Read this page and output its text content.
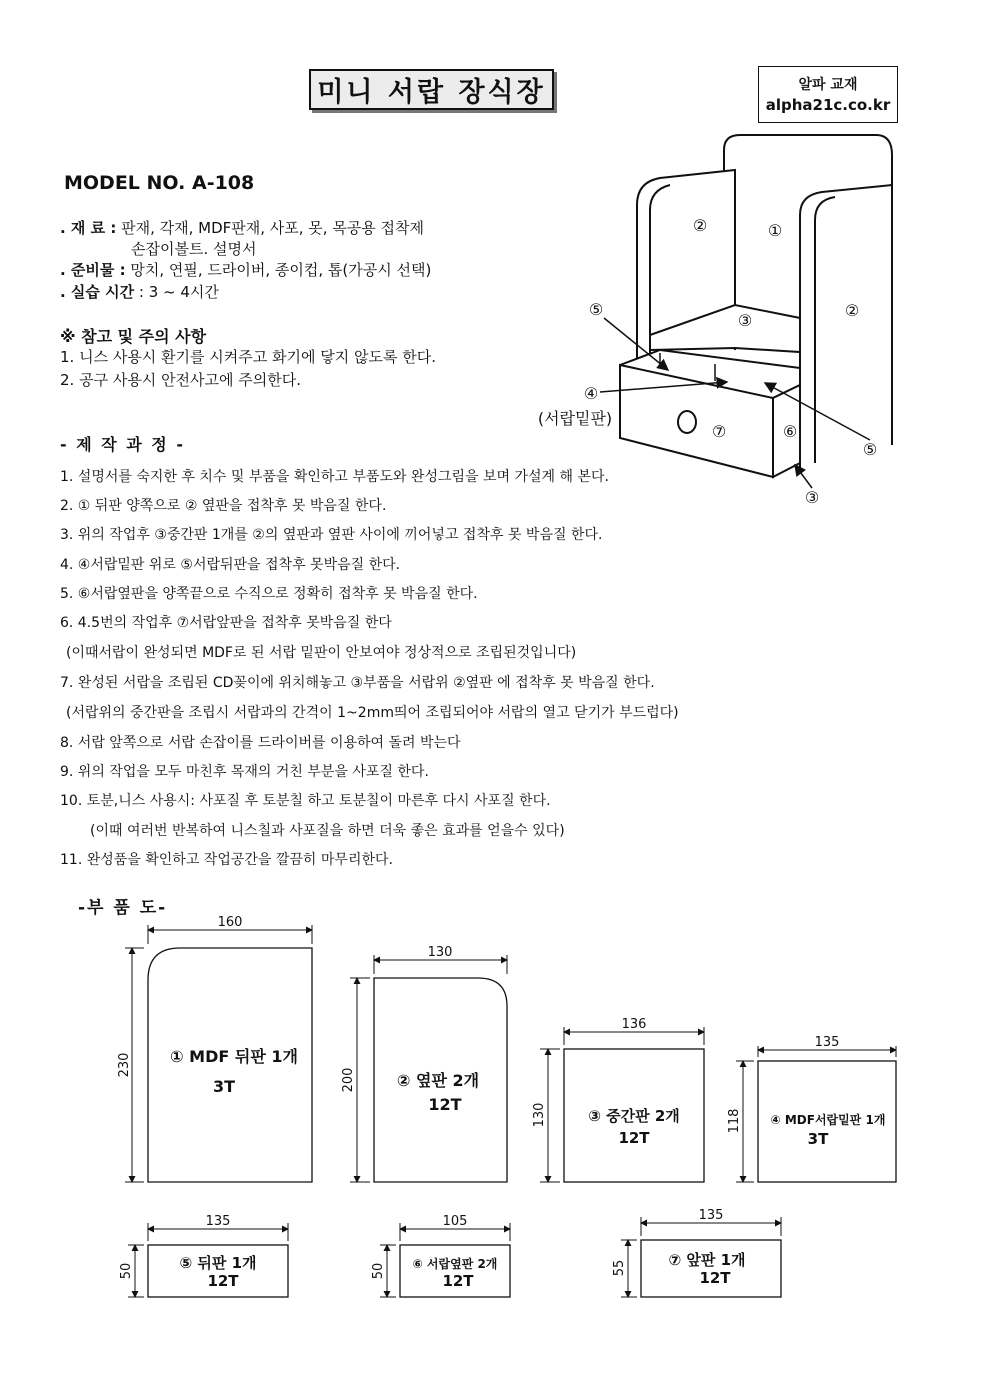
미니 서랍 장식장	알파 교재
alpha21c.co.kr
MODEL NO. A-108
. 재 료 : 판재, 각재, MDF판재, 사포, 못, 목공용 접착제
손잡이볼트. 설명서
. 준비물 : 망치, 연필, 드라이버, 종이컵, 톱(가공시 선택)
. 실습 시간 : 3 ~ 4시간
※ 참고 및 주의 사항
1. 니스 사용시 환기를 시켜주고 화기에 닿지 않도록 한다.
2. 공구 사용시 안전사고에 주의한다.
- 제 작 과 정 -
1. 설명서를 숙지한 후 치수 및 부품을 확인하고 부품도와 완성그림을 보며 가설계 해 본다.
2. ① 뒤판 양쪽으로 ② 옆판을 접착후 못 박음질 한다.
3. 위의 작업후 ③중간판 1개를 ②의 옆판과 옆판 사이에 끼어넣고 접착후 못 박음질 한다.
4. ④서랍밑판 위로 ⑤서랍뒤판을 접착후 못박음질 한다.
5. ⑥서랍옆판을 양쪽끝으로 수직으로 정확히 접착후 못 박음질 한다.
6. 4.5번의 작업후 ⑦서랍앞판을 접착후 못박음질 한다
(이때서랍이 완성되면 MDF로 된 서랍 밑판이 안보여야 정상적으로 조립된것입니다)
7. 완성된 서랍을 조립된 CD꽂이에 위치해놓고 ③부품을 서랍위 ②옆판 에 접착후 못 박음질 한다.
(서랍위의 중간판을 조립시 서랍과의 간격이 1~2mm띄어 조립되어야 서랍의 열고 닫기가 부드럽다)
8. 서랍 앞쪽으로 서랍 손잡이를 드라이버를 이용하여 돌려 박는다
9. 위의 작업을 모두 마친후 목재의 거친 부분을 사포질 한다.
10. 토분,니스 사용시: 사포질 후 토분칠 하고 토분칠이 마른후 다시 사포질 한다.
(이때 여러번 반복하여 니스칠과 사포질을 하면 더욱 좋은 효과를 얻을수 있다)
11. 완성품을 확인하고 작업공간을 깔끔히 마무리한다.
①
②
②
③
③
④
⑤
⑤
⑥
⑦
(서랍밑판)
-부 품 도-
160
230
130
200
136
130
135
118
135
50
105
50
135
55
① MDF 뒤판 1개
3T	② 옆판 2개
12T
③ 중간판 2개
12T
④ MDF서랍밑판 1개
3T
⑤ 뒤판 1개
12T
⑥ 서랍옆판 2개
12T
⑦ 앞판 1개
12T
